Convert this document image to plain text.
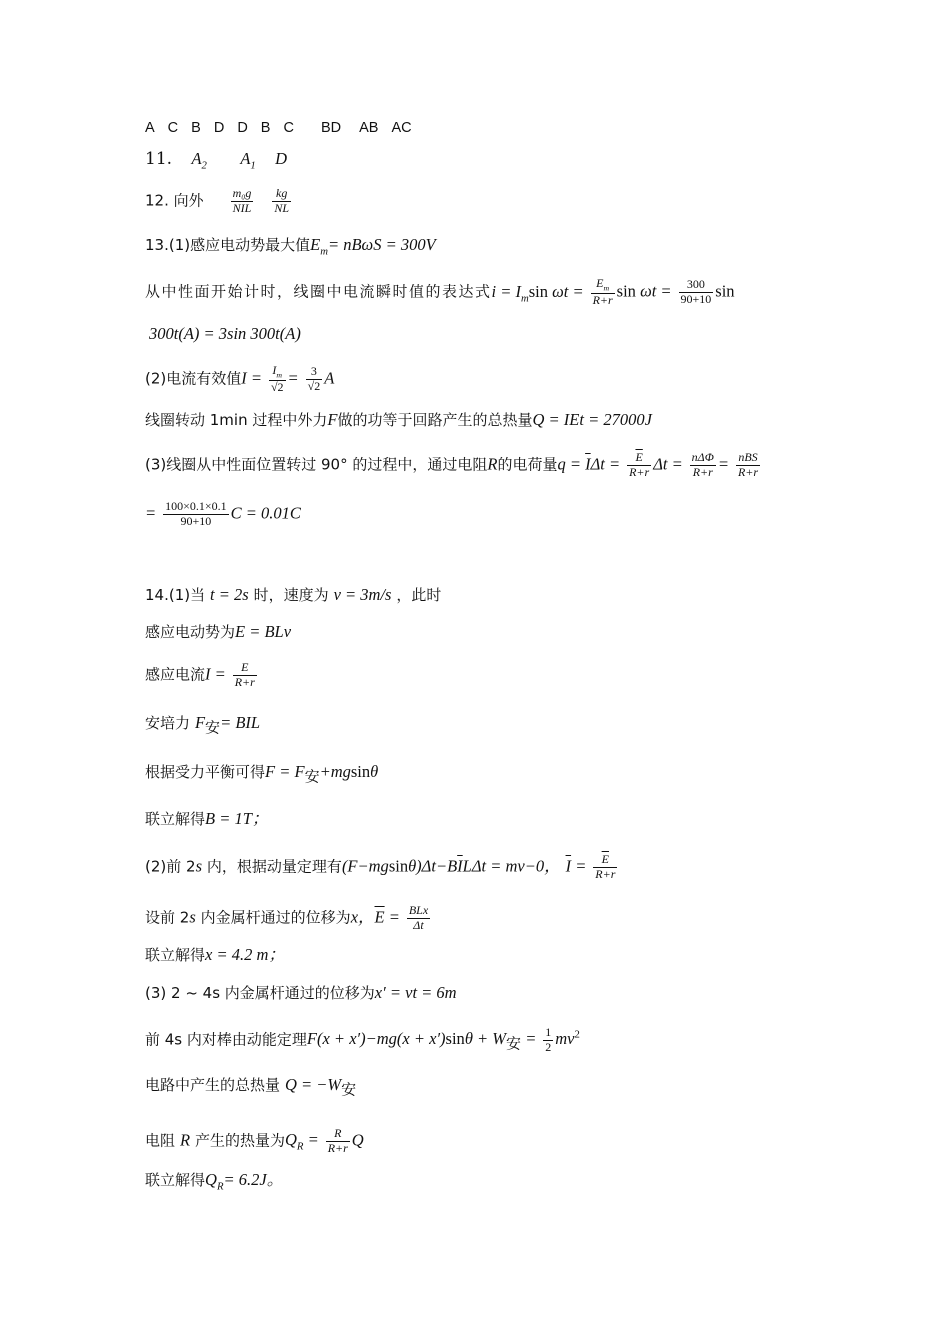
A C B D D B C BD AB AC
11. $A_2$ $A_1$ D
12. 向外 $\frac{\text{m₀g}}{\text{NIL}}$
$\frac{kg}{NL}$
13.(1)感应电动势最大值$E_m= nB\omega S = 300V$
从中性面开始计时，线圈中电流瞬时值的表达式$i = I_m\sin$ $\omega t = \frac{E_m}{R+r}$ $\sin \omega t = \frac{300}{90+10}$ sin
300t(A) = 3sin 300t(A)
(2)电流有效值$I = \frac{I_m}{√2} = \frac{3}{√2}$ A
线圈转动 1min 过程中外力F做的功等于回路产生的总热量Q = IEt = 27000J
(3)线圈从中性面位置转过 90° 的过程中，通过电阻R的电荷量$q = \overline{I}\Delta t = \frac{\overline{E}}{R+r}$ $\Delta t = \frac{\text{nΔΦ}}{R+r} = \frac{\text{nBS}}{R+r}$
= $\frac{100\times 0.1\times 0.1}{90+10}$ C = 0.01C
14.(1)当 t = 2s 时，速度为 v = 3m/s ，此时
感应电动势为E = BLv
感应电流$I = \frac{E}{R+r}$
安培力 $F_安=$ BIL
根据受力平衡可得$F = F_安+mgsin\theta$
联立解得B = 1T；
(2)前 2s 内，根据动量定理有$(F-mgsin\theta)\Delta t-B\overline{I}L\Delta t = mv-0$， $\overline{I} = \frac{\overline{E}}{R+r}$
设前 2s 内金属杆通过的位移为x，$\overline{E} = \frac{\text{BLx}}{\Delta t}$
联立解得x = 4.2 m；
(3) 2 ~ 4s 内金属杆通过的位移为x′ = vt = 6m
前 4s 内对棒由动能定理$F(x + x')-mg(x + x')\sin\theta + W_安 = \frac{1}{2} mv^2$
电路中产生的总热量 $Q = -W_安$
电阻 R 产生的热量为$Q_R = \frac{R}{R+r}$ Q
联立解得$Q_R= 6.2J$。
